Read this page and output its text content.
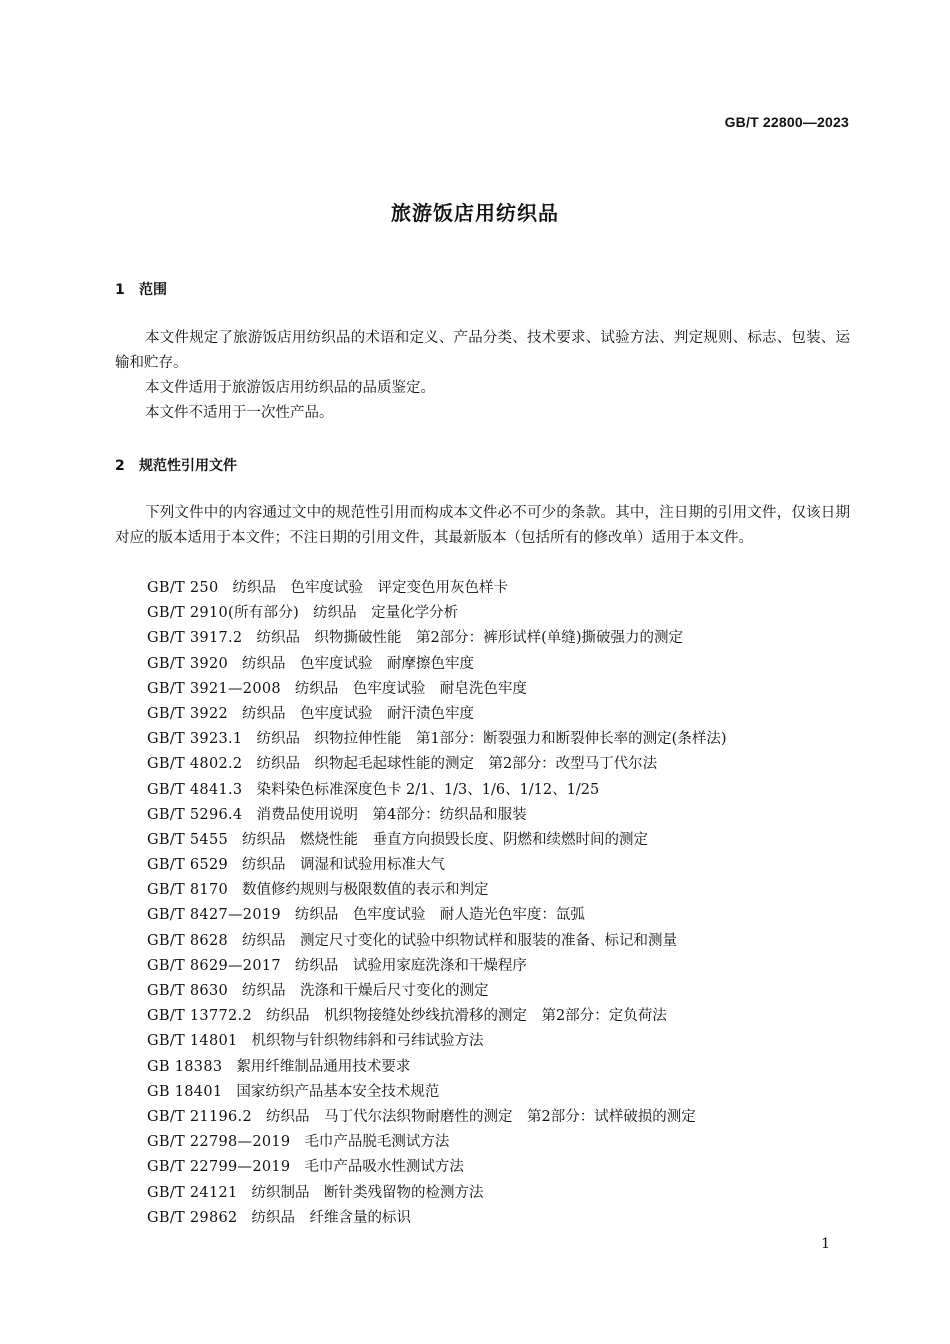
GB/T 22800—2023
旅游饭店用纺织品
1 范围

本文件规定了旅游饭店用纺织品的术语和定义、产品分类、技术要求、试验方法、判定规则、标志、包装、运输和贮存。

本文件适用于旅游饭店用纺织品的品质鉴定。

本文件不适用于一次性产品。

2 规范性引用文件

下列文件中的内容通过文中的规范性引用而构成本文件必不可少的条款。其中，注日期的引用文件，仅该日期对应的版本适用于本文件；不注日期的引用文件，其最新版本（包括所有的修改单）适用于本文件。

GB/T 250 纺织品　色牢度试验　评定变色用灰色样卡
GB/T 2910(所有部分) 纺织品　定量化学分析
GB/T 3917.2 纺织品　织物撕破性能　第2部分：裤形试样(单缝)撕破强力的测定
GB/T 3920 纺织品　色牢度试验　耐摩擦色牢度
GB/T 3921—2008 纺织品　色牢度试验　耐皂洗色牢度
GB/T 3922 纺织品　色牢度试验　耐汗渍色牢度
GB/T 3923.1 纺织品　织物拉伸性能　第1部分：断裂强力和断裂伸长率的测定(条样法)
GB/T 4802.2 纺织品　织物起毛起球性能的测定　第2部分：改型马丁代尔法
GB/T 4841.3 染料染色标准深度色卡 2/1、1/3、1/6、1/12、1/25
GB/T 5296.4 消费品使用说明　第4部分：纺织品和服装
GB/T 5455 纺织品　燃烧性能　垂直方向损毁长度、阴燃和续燃时间的测定
GB/T 6529 纺织品　调湿和试验用标准大气
GB/T 8170 数值修约规则与极限数值的表示和判定
GB/T 8427—2019 纺织品　色牢度试验　耐人造光色牢度：氙弧
GB/T 8628 纺织品　测定尺寸变化的试验中织物试样和服装的准备、标记和测量
GB/T 8629—2017 纺织品　试验用家庭洗涤和干燥程序
GB/T 8630 纺织品　洗涤和干燥后尺寸变化的测定
GB/T 13772.2 纺织品　机织物接缝处纱线抗滑移的测定　第2部分：定负荷法
GB/T 14801 机织物与针织物纬斜和弓纬试验方法
GB 18383 絮用纤维制品通用技术要求
GB 18401 国家纺织产品基本安全技术规范
GB/T 21196.2 纺织品　马丁代尔法织物耐磨性的测定　第2部分：试样破损的测定
GB/T 22798—2019 毛巾产品脱毛测试方法
GB/T 22799—2019 毛巾产品吸水性测试方法
GB/T 24121 纺织制品　断针类残留物的检测方法
GB/T 29862 纺织品　纤维含量的标识
1
